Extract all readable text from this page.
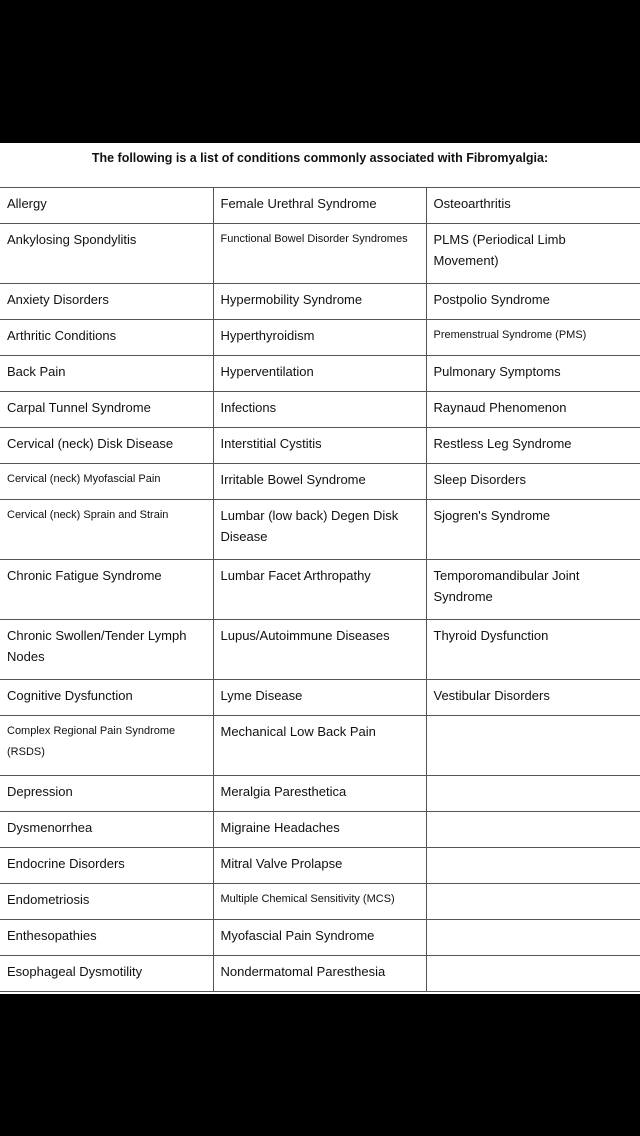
The following is a list of conditions commonly associated with Fibromyalgia:
Allergy	Female Urethral Syndrome	Osteoarthritis
Ankylosing Spondylitis	Functional Bowel Disorder Syndromes	PLMS (Periodical Limb Movement)
Anxiety Disorders	Hypermobility Syndrome	Postpolio Syndrome
Arthritic Conditions	Hyperthyroidism	Premenstrual Syndrome (PMS)
Back Pain	Hyperventilation	Pulmonary Symptoms
Carpal Tunnel Syndrome	Infections	Raynaud Phenomenon
Cervical (neck) Disk Disease	Interstitial Cystitis	Restless Leg Syndrome
Cervical (neck) Myofascial Pain	Irritable Bowel Syndrome	Sleep Disorders
Cervical (neck) Sprain and Strain	Lumbar (low back) Degen Disk Disease	Sjogren's Syndrome
Chronic Fatigue Syndrome	Lumbar Facet Arthropathy	Temporomandibular Joint Syndrome
Chronic Swollen/Tender Lymph Nodes	Lupus/Autoimmune Diseases	Thyroid Dysfunction
Cognitive Dysfunction	Lyme Disease	Vestibular Disorders
Complex Regional Pain Syndrome (RSDS)	Mechanical Low Back Pain	
Depression	Meralgia Paresthetica	
Dysmenorrhea	Migraine Headaches	
Endocrine Disorders	Mitral Valve Prolapse	
Endometriosis	Multiple Chemical Sensitivity (MCS)	
Enthesopathies	Myofascial Pain Syndrome	
Esophageal Dysmotility	Nondermatomal Paresthesia	
